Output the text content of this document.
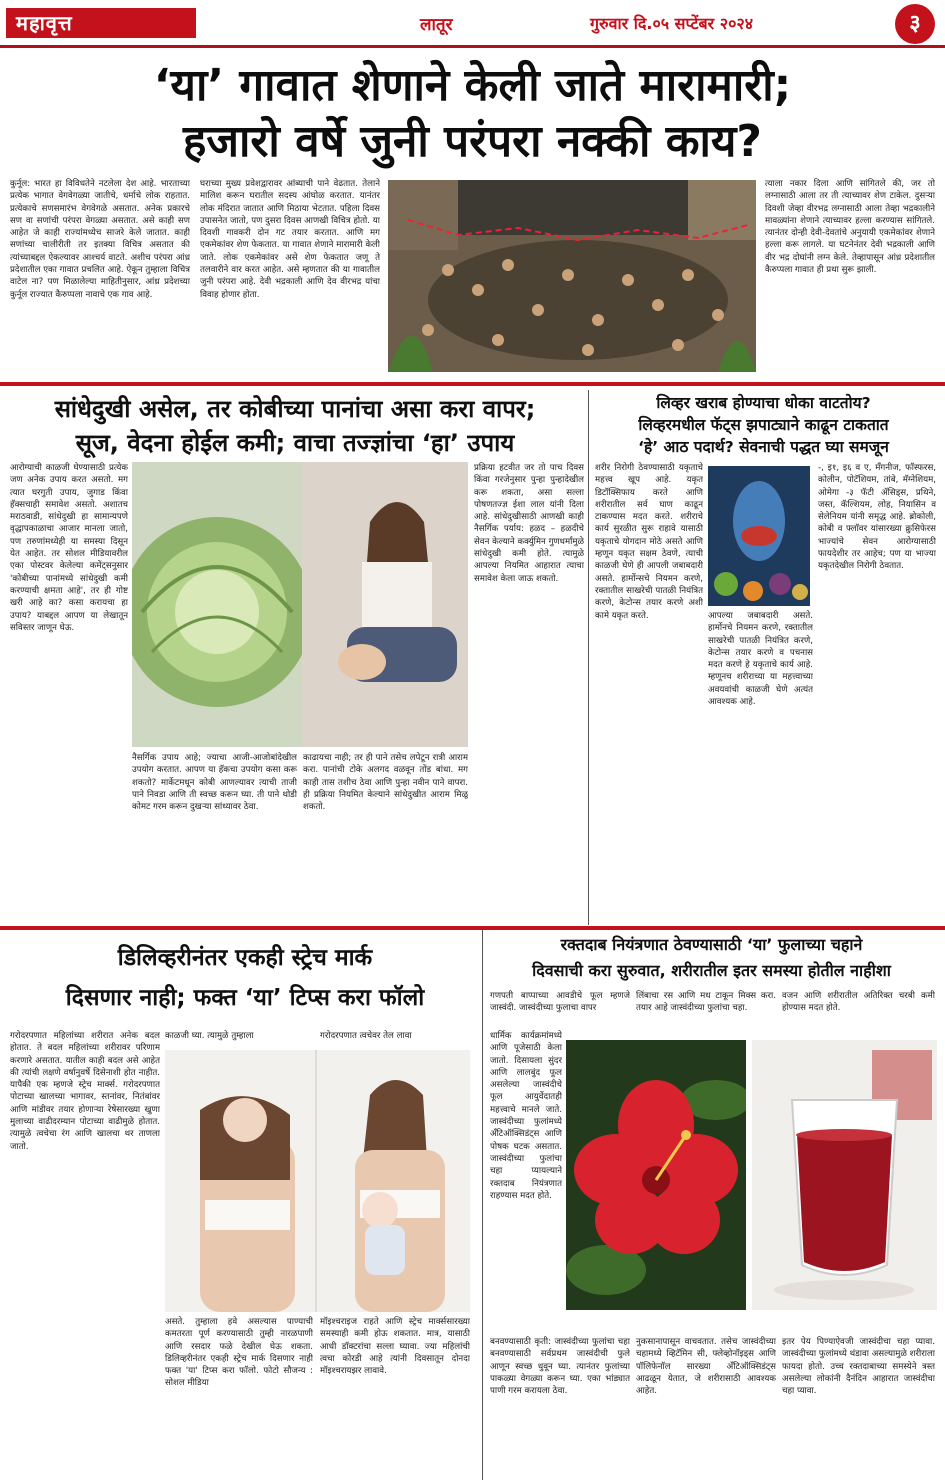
महावृत्त	लातूर	गुरुवार दि.०५ सप्टेंबर २०२४	३
‘या’ गावात शेणाने केली जाते मारामारी;
हजारो वर्षे जुनी परंपरा नक्की काय?
कुर्नूल: भारत हा विविधतेने नटलेला देश आहे. भारताच्या प्रत्येक भागात वेगवेगळ्या जातीचे, धर्माचे लोक राहतात. प्रत्येकाचे सणसमारंभ वेगवेगळे असतात. अनेक प्रकारचे सण वा सणांची परंपरा वेगळ्या असतात. असे काही सण आहेत जे काही राज्यांमध्येच साजरे केले जातात. काही सणांच्या चालीरीती तर इतक्या विचित्र असतात की त्यांच्याबद्दल ऐकल्यावर आश्चर्य वाटते. अशीच परंपरा आंध्र प्रदेशातील एका गावात प्रचलित आहे. ऐकून तुम्हाला विचित्र वाटेल ना? पण मिळालेल्या माहितीनुसार, आंध्र प्रदेशच्या कुर्नूल राज्यात कैरुप्पला नावाचे एक गाव आहे.
घराच्या मुख्य प्रवेशद्वारावर आंब्याची पाने वेढतात. तेलाने मालिश करून घरातील सदस्य आंघोळ करतात. यानंतर लोक मंदिरात जातात आणि मिठाया भेटतात. पहिला दिवस उपासनेत जातो, पण दुसरा दिवस आणखी विचित्र होतो. या दिवशी गावकरी दोन गट तयार करतात. आणि मग एकमेकांवर शेण फेकतात. या गावात शेणाने मारामारी केली जाते. लोक एकमेकांवर असे शेण फेकतात जणू ते तलवारीने वार करत आहेत. असे म्हणतात की या गावातील जुनी परंपरा आहे. देवी भद्रकाली आणि देव वीरभद्र यांचा विवाह होणार होता.
त्याला नकार दिला आणि सांगितले की, जर तो लग्नासाठी आला तर ती त्याच्यावर शेण टाकेल. दुसऱ्या दिवशी जेव्हा वीरभद्र लग्नासाठी आला तेव्हा भद्रकालीने मावळ्यांना शेणाने त्याच्यावर हल्ला करण्यास सांगितले. त्यानंतर दोन्ही देवी-देवतांचे अनुयायी एकमेकांवर शेणाने हल्ला करू लागले. या घटनेनंतर देवी भद्रकाली आणि वीर भद्र दोघांनी लग्न केले. तेव्हापासून आंध्र प्रदेशातील कैरुप्पला गावात ही प्रथा सुरू झाली.
सांधेदुखी असेल, तर कोबीच्या पानांचा असा करा वापर;
सूज, वेदना होईल कमी; वाचा तज्ज्ञांचा ‘हा’ उपाय
आरोग्याची काळजी घेण्यासाठी प्रत्येक जण अनेक उपाय करत असतो. मग त्यात घरगुती उपाय, जुगाड किंवा हॅक्सचाही समावेश असतो. अशातच मराठवाडी, सांधेदुखी हा सामान्यपणे वृद्धापकाळाचा आजार मानला जातो, पण तरुणांमध्येही या समस्या दिसून येत आहेत. तर सोशल मीडियावरील एका पोस्टवर केलेल्या कमेंट्सनुसार 'कोबीच्या पानांमध्ये सांधेदुखी कमी करण्याची क्षमता आहे', तर ही गोष्ट खरी आहे का? कसा करायचा हा उपाय? याबद्दल आपण या लेखातून सविस्तर जाणून घेऊ.
प्रक्रिया हटवीत जर तो पाच दिवस किंवा गरजेनुसार पुन्हा पुन्हादेखील करू शकता, असा सल्ला पोषणतज्ज्ञ ईशा लाल यांनी दिला आहे. सांधेदुखीसाठी आणखी काही नैसर्गिक पर्याय: हळद – हळदीचे सेवन केल्याने कर्क्युमिन गुणधर्मांमुळे सांधेदुखी कमी होते. त्यामुळे आपल्या नियमित आहारात त्याचा समावेश केला जाऊ शकतो.
नैसर्गिक उपाय आहे; ज्याचा आजी-आजोबांदेखील उपयोग करतात. आपण या हॅकचा उपयोग कसा करू शकतो? मार्केटमधून कोबी आणल्यावर त्याची ताजी पाने निवडा आणि ती स्वच्छ करून घ्या. ती पाने थोडी कोमट गरम करून दुखऱ्या सांध्यावर ठेवा.
काढायचा नाही; तर ही पाने तसेच लपेटून रात्री आराम करा. पानांची टोके अलगद वळवून तोंड बांधा. मग काही तास तशीच ठेवा आणि पुन्हा नवीन पाने वापरा. ही प्रक्रिया नियमित केल्याने सांधेदुखीत आराम मिळू शकतो.
लिव्हर खराब होण्याचा धोका वाटतोय?
लिव्हरमधील फॅट्स झपाट्याने काढून टाकतात
‘हे’ आठ पदार्थ? सेवनाची पद्धत घ्या समजून
शरीर निरोगी ठेवण्यासाठी यकृताचे महत्त्व खूप आहे. यकृत डिटॉक्सिफाय करते आणि शरीरातील सर्व घाण काढून टाकण्यास मदत करते. शरीराचे कार्य सुरळीत सुरू राहावे यासाठी यकृताचे योगदान मोठे असते आणि म्हणून यकृत सक्षम ठेवणे, त्याची काळजी घेणे ही आपली जबाबदारी असते. हार्मोन्सचे नियमन करणे, रक्तातील साखरेची पातळी नियंत्रित करणे, केटोन्स तयार करणे अशी कामे यकृत करते.	आपल्या जबाबदारी असते. हार्मोनचे नियमन करणे, रक्तातील साखरेची पातळी नियंत्रित करणे, केटोन्स तयार करणे व पचनास मदत करणे हे यकृताचे कार्य आहे. म्हणूनच शरीराच्या या महत्त्वाच्या अवयवांची काळजी घेणे अत्यंत आवश्यक आहे.
-, इ१, इ६ व ए, मॅंगनीज, फॉस्फरस, कोलीन, पोटॅशियम, तांबे, मॅग्नेशियम, ओमेगा -३ फॅटी ॲसिड्स, प्रथिने, जस्त, कॅल्शियम, लोह, नियासिन व सेलेनियम यांनी समृद्ध आहे. ब्रोकोली, कोबी व फ्लॉवर यांसारख्या क्रुसिफेरस भाज्यांचे सेवन आरोग्यासाठी फायदेशीर तर आहेच; पण या भाज्या यकृतदेखील निरोगी ठेवतात.
डिलिव्हरीनंतर एकही स्ट्रेच मार्क
दिसणार नाही; फक्त ‘या’ टिप्स करा फॉलो
गरोदरपणात महिलांच्या शरीरात अनेक बदल होतात. ते बदल महिलांच्या शरीरावर परिणाम करणारे असतात. यातील काही बदल असे आहेत की त्यांची लक्षणे वर्षानुवर्षे दिसेनाशी होत नाहीत. यापैकी एक म्हणजे स्ट्रेच मार्क्स. गरोदरपणात पोटाच्या खालच्या भागावर, स्तनांवर, नितंबांवर आणि मांडीवर तयार होणाऱ्या रेषेसारख्या खुणा मुलाच्या वाढीदरम्यान पोटाच्या वाढीमुळे होतात. त्यामुळे त्वचेचा रंग आणि खालचा थर ताणला जातो.
काळजी घ्या. त्यामुळे तुम्हाला	गरोदरपणात त्वचेवर तेल लावा
असते. तुम्हाला हवे असल्यास पाण्याची कमतरता पूर्ण करण्यासाठी तुम्ही नारळपाणी आणि रसदार फळे देखील घेऊ शकता. डिलिव्हरीनंतर एकही स्ट्रेच मार्क दिसणार नाही फक्त 'या' टिप्स करा फॉलो. फोटो सौजन्य : सोशल मीडिया
मॉइश्चराइज राहते आणि स्ट्रेच मार्क्ससारख्या समस्याही कमी होऊ शकतात. मात्र, यासाठी आधी डॉक्टरांचा सल्ला घ्यावा. ज्या महिलांची त्वचा कोरडी आहे त्यांनी दिवसातून दोनदा मॉइश्चरायझर लावावे.
रक्तदाब नियंत्रणात ठेवण्यासाठी ‘या’ फुलाच्या चहाने
दिवसाची करा सुरुवात, शरीरातील इतर समस्या होतील नाहीशा
गणपती बाप्पाच्या आवडीचे फूल म्हणजे जास्वंदी. जास्वंदीच्या फुलाचा वापर
लिंबाचा रस आणि मध टाकून मिक्स करा. तयार आहे जास्वंदीच्या फुलांचा चहा.
वजन आणि शरीरातील अतिरिक्त चरबी कमी होण्यास मदत होते.
धार्मिक कार्यक्रमांमध्ये आणि पूजेसाठी केला जातो. दिसायला सुंदर आणि लालबुंद फूल असलेल्या जास्वंदीचे फूल आयुर्वेदातही महत्त्वाचे मानले जाते. जास्वंदीच्या फुलांमध्ये अँटिऑक्सिडंट्स आणि पोषक घटक असतात. जास्वंदीच्या फुलांचा चहा प्यायल्याने रक्तदाब नियंत्रणात राहण्यास मदत होते.
बनवण्यासाठी कृती: जास्वंदीच्या फुलांचा चहा बनवण्यासाठी सर्वप्रथम जास्वंदीची फुले आणून स्वच्छ धुवून घ्या. त्यानंतर फुलांच्या पाकळ्या वेगळ्या करून घ्या. एका भांड्यात पाणी गरम करायला ठेवा.
नुकसानापासून वाचवतात. तसेच जास्वंदीच्या चहामध्ये व्हिटॅमिन सी, फ्लेव्होनॉइड्स आणि पॉलिफेनॉल सारख्या अँटिऑक्सिडंट्स आढळून येतात, जे शरीरासाठी आवश्यक आहेत.
इतर पेय पिण्याऐवजी जास्वंदीचा चहा प्यावा. जास्वंदीच्या फुलांमध्ये थंडावा असल्यामुळे शरीराला फायदा होतो. उच्च रक्तदाबाच्या समस्येने त्रस्त असलेल्या लोकांनी दैनंदिन आहारात जास्वंदीचा चहा प्यावा.
